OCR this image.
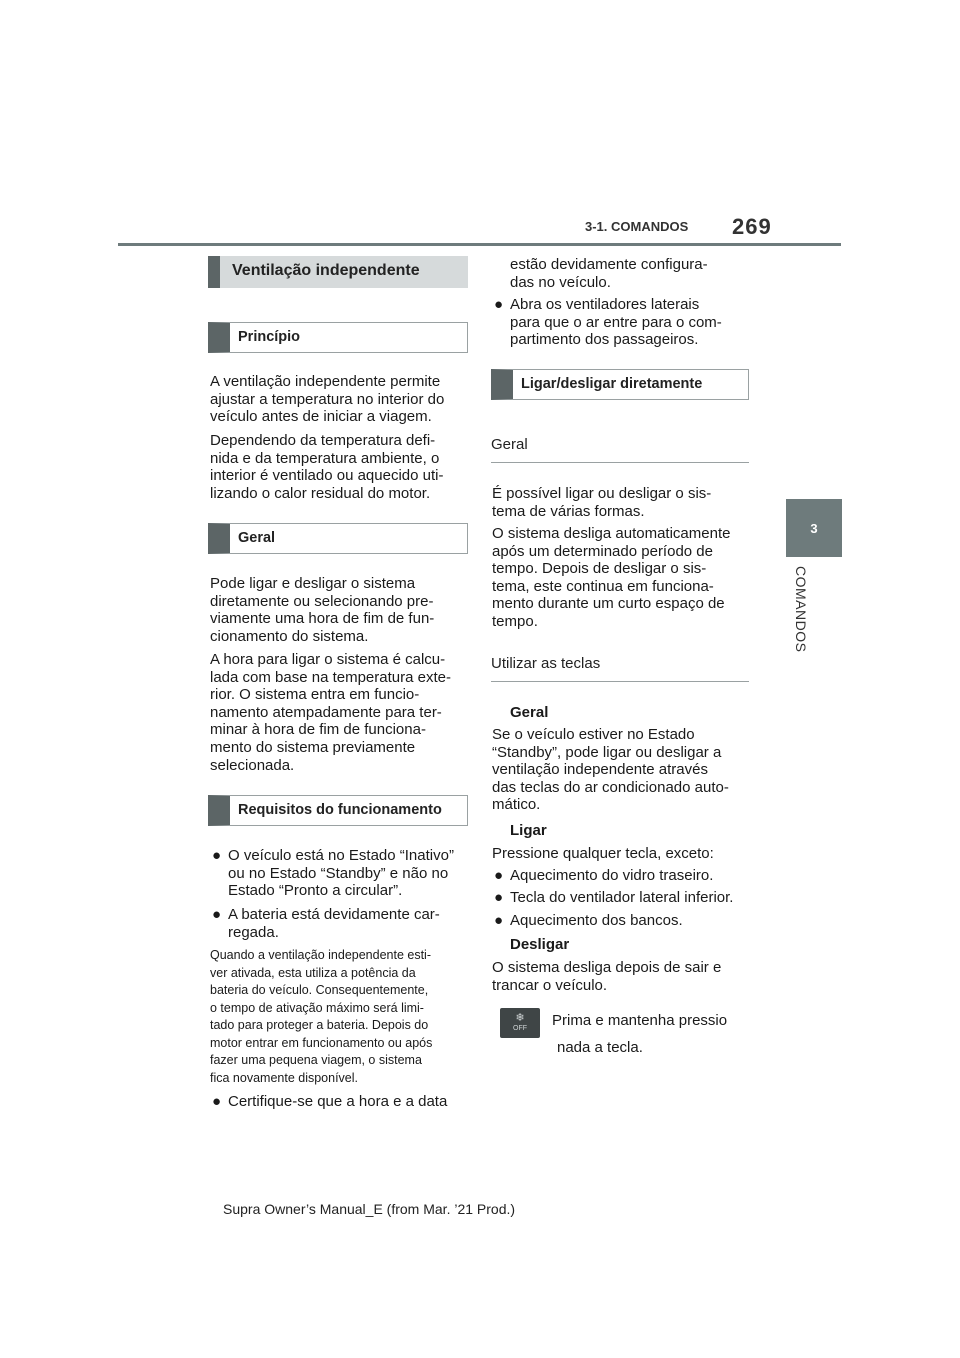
3-1. COMANDOS 269
3
COMANDOS
Ventilação independente
Princípio
A ventilação independente permite
ajustar a temperatura no interior do
veículo antes de iniciar a viagem.
Dependendo da temperatura defi-
nida e da temperatura ambiente, o
interior é ventilado ou aquecido uti-
lizando o calor residual do motor.
Geral
Pode ligar e desligar o sistema
diretamente ou selecionando pre-
viamente uma hora de fim de fun-
cionamento do sistema.
A hora para ligar o sistema é calcu-
lada com base na temperatura exte-
rior. O sistema entra em funcio-
namento atempadamente para ter-
minar à hora de fim de funciona-
mento do sistema previamente
selecionada.
Requisitos do funcionamento
● O veículo está no Estado “Inativo”
ou no Estado “Standby” e não no
Estado “Pronto a circular”.
● A bateria está devidamente car-
regada.
Quando a ventilação independente esti-
ver ativada, esta utiliza a potência da
bateria do veículo. Consequentemente,
o tempo de ativação máximo será limi-
tado para proteger a bateria. Depois do
motor entrar em funcionamento ou após
fazer uma pequena viagem, o sistema
fica novamente disponível.
● Certifique-se que a hora e a data
estão devidamente configura-
das no veículo.
● Abra os ventiladores laterais
para que o ar entre para o com-
partimento dos passageiros.
Ligar/desligar diretamente
Geral
É possível ligar ou desligar o sis-
tema de várias formas.
O sistema desliga automaticamente
após um determinado período de
tempo. Depois de desligar o sis-
tema, este continua em funciona-
mento durante um curto espaço de
tempo.
Utilizar as teclas
Geral
Se o veículo estiver no Estado
“Standby”, pode ligar ou desligar a
ventilação independente através
das teclas do ar condicionado auto-
mático.
Ligar
Pressione qualquer tecla, exceto:
● Aquecimento do vidro traseiro.
● Tecla do ventilador lateral inferior.
● Aquecimento dos bancos.
Desligar
O sistema desliga depois de sair e
trancar o veículo.
❄
OFF	Prima e mantenha pressio
nada a tecla.
Supra Owner’s Manual_E (from Mar. ’21 Prod.)
